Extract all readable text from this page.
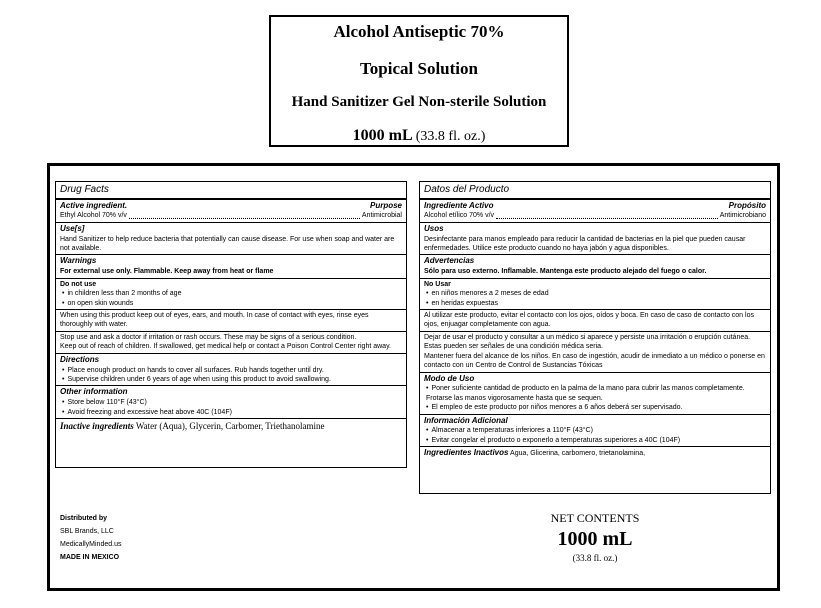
Alcohol Antiseptic 70%
Topical Solution
Hand Sanitizer Gel Non-sterile Solution
1000 mL (33.8 fl. oz.)
Drug Facts
Active ingredient.	Purpose
Ethyl Alcohol 70% v/v	Antimicrobial
Use[s]
Hand Sanitizer to help reduce bacteria that potentially can cause disease. For use when soap and water are not available.
Warnings
For external use only. Flammable. Keep away from heat or flame
Do not use
• in children less than 2 months of age
• on open skin wounds
When using this product keep out of eyes, ears, and mouth. In case of contact with eyes, rinse eyes thoroughly with water.
Stop use and ask a doctor if irritation or rash occurs. These may be signs of a serious condition.
Keep out of reach of children. If swallowed, get medical help or contact a Poison Control Center right away.
Directions
• Place enough product on hands to cover all surfaces. Rub hands together until dry.
• Supervise children under 6 years of age when using this product to avoid swallowing.
Other information
• Store below 110°F (43°C)
• Avoid freezing and excessive heat above 40C (104F)
Inactive ingredients Water (Aqua), Glycerin, Carbomer, Triethanolamine
Datos del Producto
Ingrediente Activo	Propósito
Alcohol etílico 70% v/v	Antimicrobiano
Usos
Desinfectante para manos empleado para reducir la cantidad de bacterias en la piel que pueden causar enfermedades. Utilice este producto cuando no haya jabón y agua disponibles.
Advertencias
Sólo para uso externo. Inflamable. Mantenga este producto alejado del fuego o calor.
No Usar
• en niños menores a 2 meses de edad
• en heridas expuestas
Al utilizar este producto, evitar el contacto con los ojos, oídos y boca. En caso de caso de contacto con los ojos, enjuagar completamente con agua.
Dejar de usar el producto y consultar a un médico si aparece y persiste una irritación o erupción cutánea. Estas pueden ser señales de una condición médica seria.
Mantener fuera del alcance de los niños. En caso de ingestión, acudir de inmediato a un médico o ponerse en contacto con un Centro de Control de Sustancias Tóxicas
Modo de Uso
• Poner suficiente cantidad de producto en la palma de la mano para cubrir las manos completamente. Frotarse las manos vigorosamente hasta que se sequen.
• El empleo de este producto por niños menores a 6 años deberá ser supervisado.
Información Adicional
• Almacenar a temperaturas inferiores a 110°F (43°C)
• Evitar congelar el producto o exponerlo a temperaturas superiores a 40C (104F)
Ingredientes Inactivos Agua, Glicerina, carbomero, trietanolamina,
Distributed by
SBL Brands, LLC
MedicallyMinded.us
MADE IN MEXICO
NET CONTENTS
1000 mL
(33.8 fl. oz.)
